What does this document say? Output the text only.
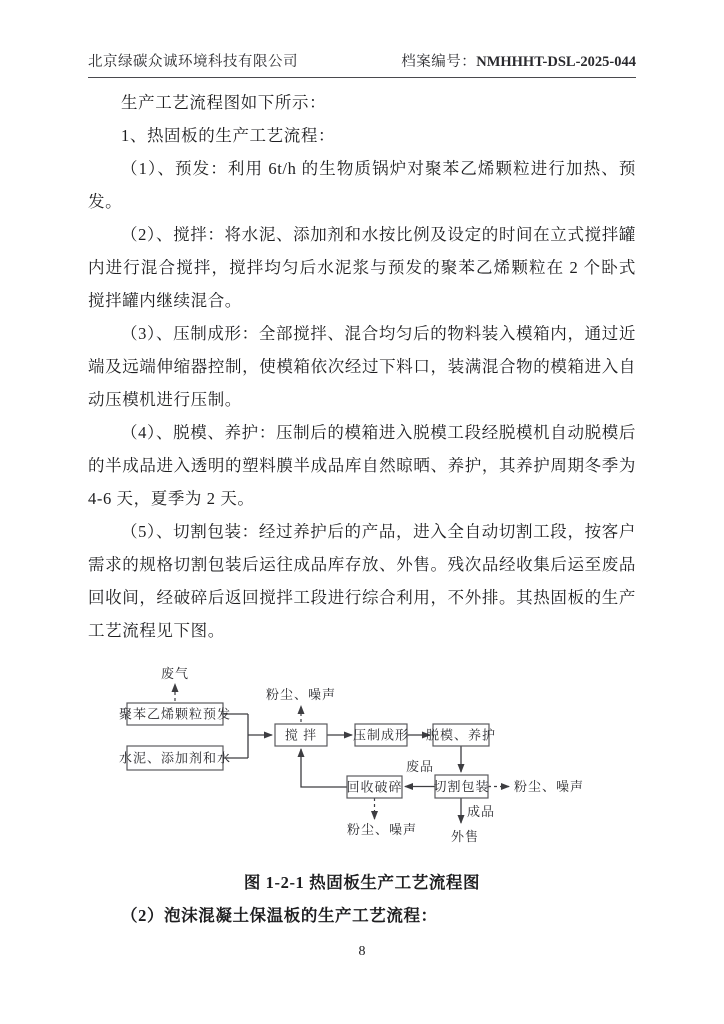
北京绿碳众诚环境科技有限公司	档案编号：NMHHHT-DSL-2025-044

生产工艺流程图如下所示：

1、热固板的生产工艺流程：

（1）、预发：利用 6t/h 的生物质锅炉对聚苯乙烯颗粒进行加热、预发。

（2）、搅拌：将水泥、添加剂和水按比例及设定的时间在立式搅拌罐内进行混合搅拌，搅拌均匀后水泥浆与预发的聚苯乙烯颗粒在 2 个卧式搅拌罐内继续混合。

（3）、压制成形：全部搅拌、混合均匀后的物料装入模箱内，通过近端及远端伸缩器控制，使模箱依次经过下料口，装满混合物的模箱进入自动压模机进行压制。

（4）、脱模、养护：压制后的模箱进入脱模工段经脱模机自动脱模后的半成品进入透明的塑料膜半成品库自然晾晒、养护，其养护周期冬季为 4-6 天，夏季为 2 天。

（5）、切割包装：经过养护后的产品，进入全自动切割工段，按客户需求的规格切割包装后运往成品库存放、外售。残次品经收集后运至废品回收间，经破碎后返回搅拌工段进行综合利用，不外排。其热固板的生产工艺流程见下图。

聚苯乙烯颗粒预发
水泥、添加剂和水
搅 拌	压制成形 脱模、养护
切割包装
回收破碎
废气
粉尘、噪声
废品
粉尘、噪声
粉尘、噪声
成品
外售

图 1-2-1 热固板生产工艺流程图

（2）泡沫混凝土保温板的生产工艺流程：

8
